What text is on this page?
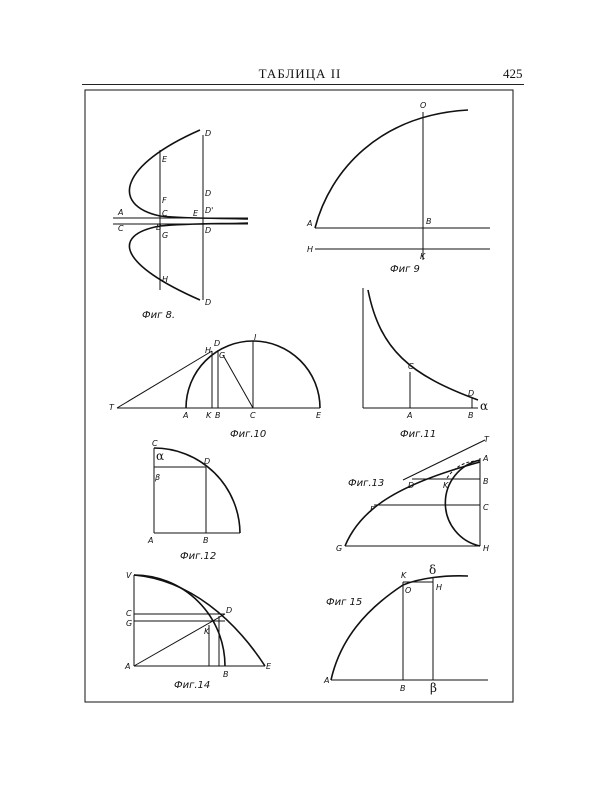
ТАБЛИЦА II	425
A
C
E
F
C
B
G
E
D
D'
D
H
D
D
Фиг 8.
O
A	B
H
K
Фиг 9
H
D
G
I
T
A K B	C	E
Фиг.10
C
D
A	B
α
Фиг.11
C
α	D
β
A	B
Фиг.12
T
A
D	K	B
F	C
G	H
Фиг.13
V
C
G
D
K
A
B
E
Фиг.14
K δ
O	H
A
B β
Фиг 15
